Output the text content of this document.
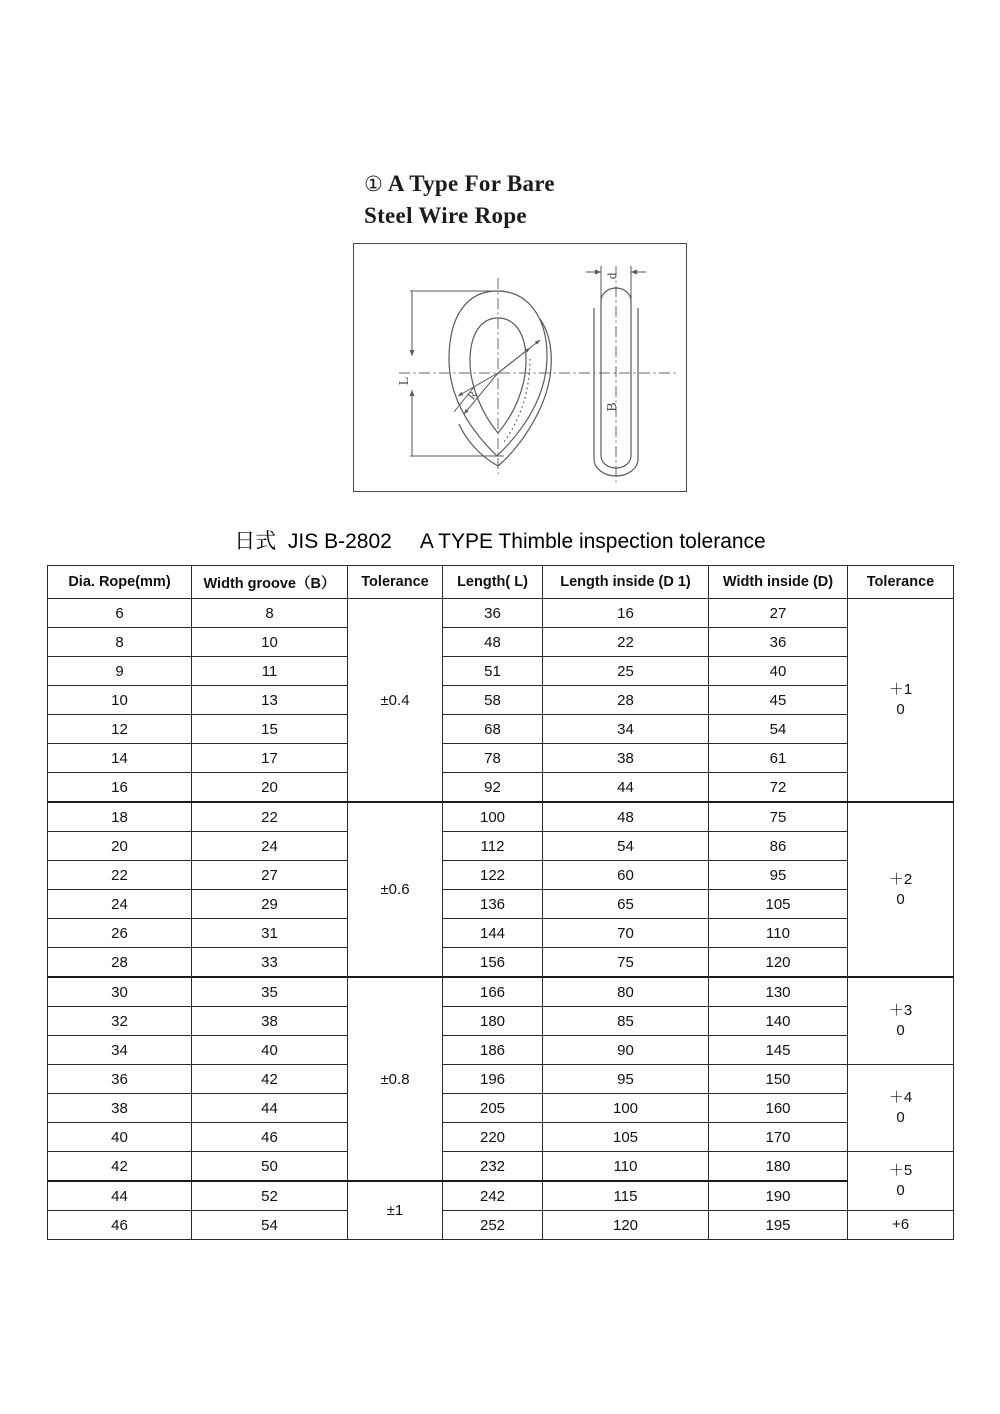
① A Type For Bare
Steel Wire Rope
R
L
d
B
日式  JIS B-2802     A TYPE Thimble inspection tolerance
Dia. Rope(mm)	Width groove（B）	Tolerance	Length( L)	Length inside (D 1)	Width inside (D)	Tolerance
6	8	±0.4	36	16	27	＋1
0

8	10		48	22	36	
9	11		51	25	40	
10	13		58	28	45	
12	15		68	34	54	
14	17		78	38	61	
16	20		92	44	72	
18	22	±0.6	100	48	75	＋2
0

20	24		112	54	86	
22	27		122	60	95	
24	29		136	65	105	
26	31		144	70	110	
28	33		156	75	120	
30	35	±0.8	166	80	130	＋3
0

32	38		180	85	140	
34	40		186	90	145	
36	42		196	95	150	＋4
0

38	44		205	100	160	
40	46		220	105	170	
42	50		232	110	180	＋5
0

44	52	±1	242	115	190	
46	54		252	120	195	+6
